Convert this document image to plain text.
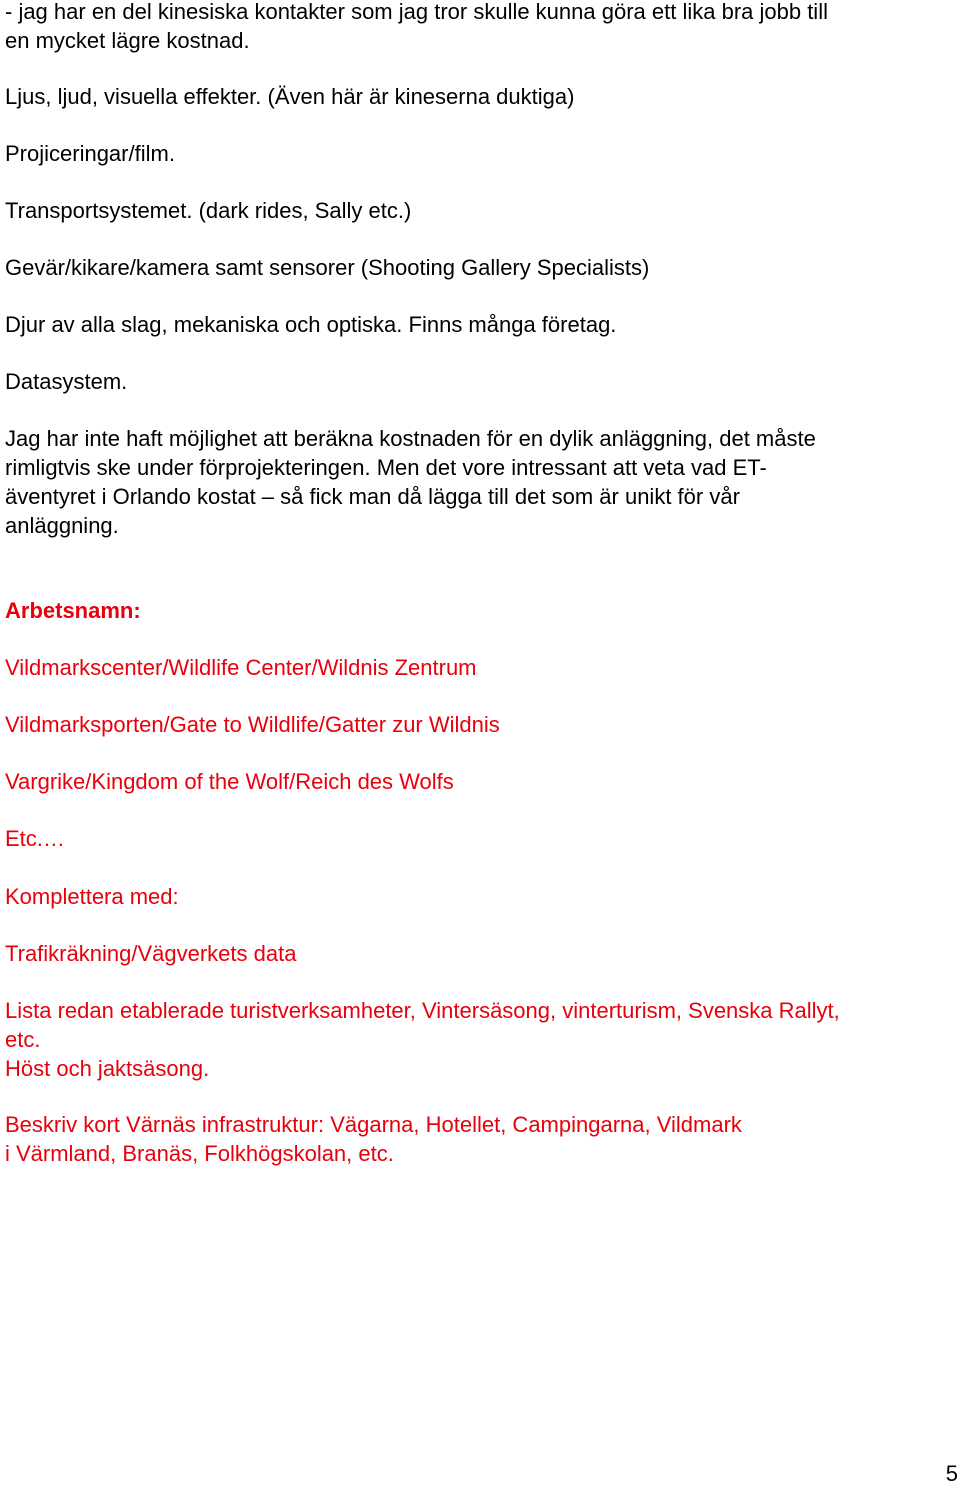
- jag har en del kinesiska kontakter som jag tror skulle kunna göra ett lika bra jobb till
en mycket lägre kostnad.

Ljus, ljud, visuella effekter. (Även här är kineserna duktiga)

Projiceringar/film.

Transportsystemet. (dark rides, Sally etc.)

Gevär/kikare/kamera samt sensorer (Shooting Gallery Specialists)

Djur av alla slag, mekaniska och optiska. Finns många företag.

Datasystem.

Jag har inte haft möjlighet att beräkna kostnaden för en dylik anläggning, det måste
rimligtvis ske under förprojekteringen. Men det vore intressant att veta vad ET-
äventyret i Orlando kostat – så fick man då lägga till det som är unikt för vår
anläggning.

Arbetsnamn:

Vildmarkscenter/Wildlife Center/Wildnis Zentrum

Vildmarksporten/Gate to Wildlife/Gatter zur Wildnis

Vargrike/Kingdom of the Wolf/Reich des Wolfs

Etc.…

Komplettera med:

Trafikräkning/Vägverkets data

Lista redan etablerade turistverksamheter, Vintersäsong, vinterturism, Svenska Rallyt,
etc.
Höst och jaktsäsong.

Beskriv kort Värnäs infrastruktur: Vägarna, Hotellet, Campingarna, Vildmark
i Värmland, Branäs, Folkhögskolan, etc.

5
